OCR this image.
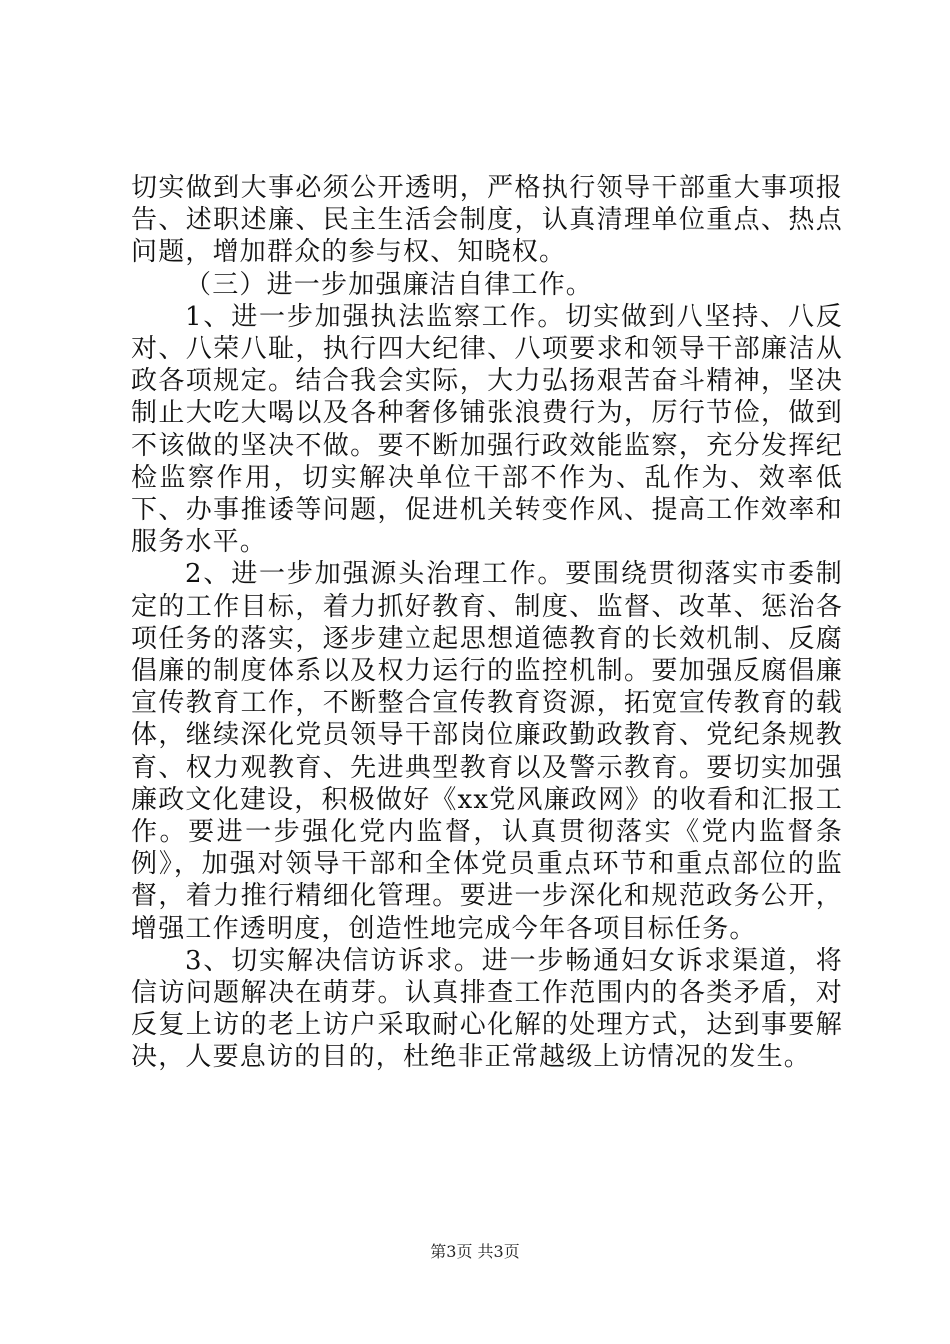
切实做到大事必须公开透明，严格执行领导干部重大事项报告、述职述廉、民主生活会制度，认真清理单位重点、热点问题，增加群众的参与权、知晓权。

（三）进一步加强廉洁自律工作。

1、进一步加强执法监察工作。切实做到八坚持、八反对、八荣八耻，执行四大纪律、八项要求和领导干部廉洁从政各项规定。结合我会实际，大力弘扬艰苦奋斗精神，坚决制止大吃大喝以及各种奢侈铺张浪费行为，厉行节俭，做到不该做的坚决不做。要不断加强行政效能监察，充分发挥纪检监察作用，切实解决单位干部不作为、乱作为、效率低下、办事推诿等问题，促进机关转变作风、提高工作效率和服务水平。

2、进一步加强源头治理工作。要围绕贯彻落实市委制定的工作目标，着力抓好教育、制度、监督、改革、惩治各项任务的落实，逐步建立起思想道德教育的长效机制、反腐倡廉的制度体系以及权力运行的监控机制。要加强反腐倡廉宣传教育工作，不断整合宣传教育资源，拓宽宣传教育的载体，继续深化党员领导干部岗位廉政勤政教育、党纪条规教育、权力观教育、先进典型教育以及警示教育。要切实加强廉政文化建设，积极做好《xx党风廉政网》的收看和汇报工作。要进一步强化党内监督，认真贯彻落实《党内监督条例》，加强对领导干部和全体党员重点环节和重点部位的监督，着力推行精细化管理。要进一步深化和规范政务公开，增强工作透明度，创造性地完成今年各项目标任务。

3、切实解决信访诉求。进一步畅通妇女诉求渠道，将信访问题解决在萌芽。认真排查工作范围内的各类矛盾，对反复上访的老上访户采取耐心化解的处理方式，达到事要解决，人要息访的目的，杜绝非正常越级上访情况的发生。

第3页 共3页
